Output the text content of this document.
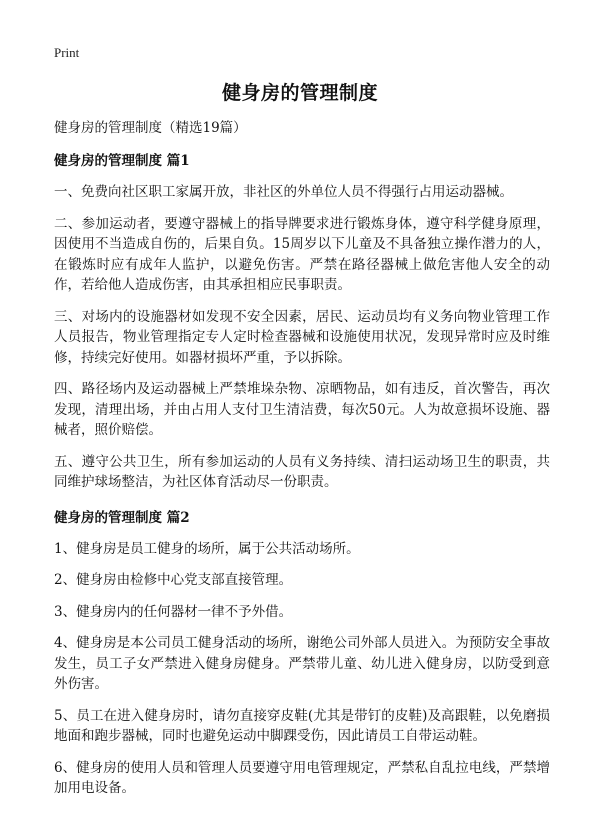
Print
健身房的管理制度

健身房的管理制度（精选19篇）

健身房的管理制度 篇1

一、免费向社区职工家属开放，非社区的外单位人员不得强行占用运动器械。

二、参加运动者，要遵守器械上的指导牌要求进行锻炼身体，遵守科学健身原理，因使用不当造成自伤的，后果自负。15周岁以下儿童及不具备独立操作潜力的人，在锻炼时应有成年人监护，以避免伤害。严禁在路径器械上做危害他人安全的动作，若给他人造成伤害，由其承担相应民事职责。

三、对场内的设施器材如发现不安全因素，居民、运动员均有义务向物业管理工作人员报告，物业管理指定专人定时检查器械和设施使用状况，发现异常时应及时维修，持续完好使用。如器材损坏严重，予以拆除。

四、路径场内及运动器械上严禁堆垛杂物、凉晒物品，如有违反，首次警告，再次发现，清理出场，并由占用人支付卫生清洁费，每次50元。人为故意损坏设施、器械者，照价赔偿。

五、遵守公共卫生，所有参加运动的人员有义务持续、清扫运动场卫生的职责，共同维护球场整洁，为社区体育活动尽一份职责。

健身房的管理制度 篇2

1、健身房是员工健身的场所，属于公共活动场所。

2、健身房由检修中心党支部直接管理。

3、健身房内的任何器材一律不予外借。

4、健身房是本公司员工健身活动的场所，谢绝公司外部人员进入。为预防安全事故发生，员工子女严禁进入健身房健身。严禁带儿童、幼儿进入健身房，以防受到意外伤害。

5、员工在进入健身房时，请勿直接穿皮鞋(尤其是带钉的皮鞋)及高跟鞋，以免磨损地面和跑步器械，同时也避免运动中脚踝受伤，因此请员工自带运动鞋。

6、健身房的使用人员和管理人员要遵守用电管理规定，严禁私自乱拉电线，严禁增加用电设备。
